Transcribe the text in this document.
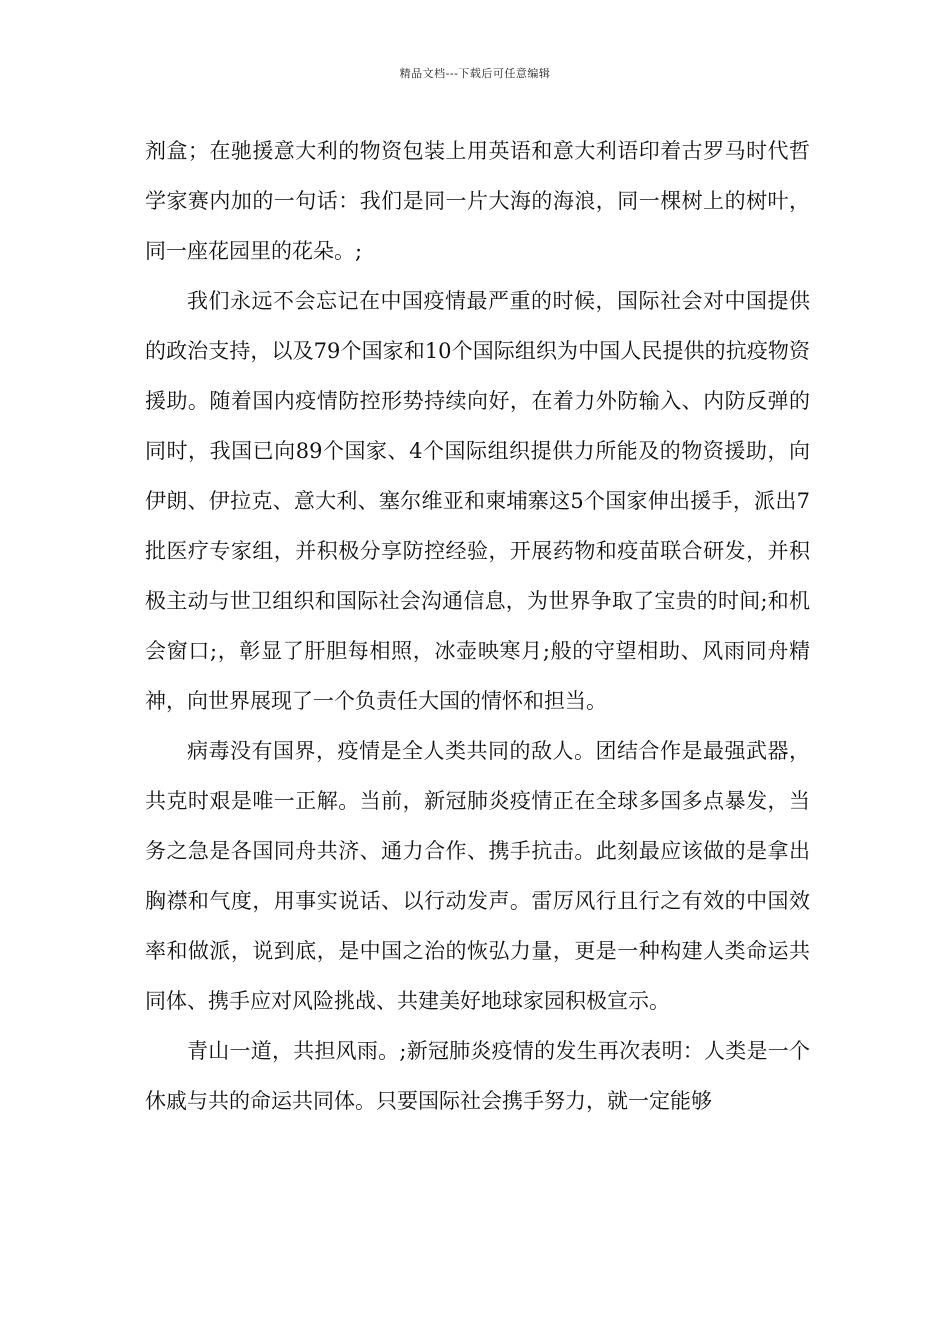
精品文档---下载后可任意编辑

剂盒；在驰援意大利的物资包装上用英语和意大利语印着古罗马时代哲学家赛内加的一句话：我们是同一片大海的海浪，同一棵树上的树叶，同一座花园里的花朵。;

我们永远不会忘记在中国疫情最严重的时候，国际社会对中国提供的政治支持，以及79个国家和10个国际组织为中国人民提供的抗疫物资援助。随着国内疫情防控形势持续向好，在着力外防输入、内防反弹的同时，我国已向89个国家、4个国际组织提供力所能及的物资援助，向伊朗、伊拉克、意大利、塞尔维亚和柬埔寨这5个国家伸出援手，派出7批医疗专家组，并积极分享防控经验，开展药物和疫苗联合研发，并积极主动与世卫组织和国际社会沟通信息，为世界争取了宝贵的时间;和机会窗口;，彰显了肝胆每相照，冰壶映寒月;般的守望相助、风雨同舟精神，向世界展现了一个负责任大国的情怀和担当。

病毒没有国界，疫情是全人类共同的敌人。团结合作是最强武器，共克时艰是唯一正解。当前，新冠肺炎疫情正在全球多国多点暴发，当务之急是各国同舟共济、通力合作、携手抗击。此刻最应该做的是拿出胸襟和气度，用事实说话、以行动发声。雷厉风行且行之有效的中国效率和做派，说到底，是中国之治的恢弘力量，更是一种构建人类命运共同体、携手应对风险挑战、共建美好地球家园积极宣示。

青山一道，共担风雨。;新冠肺炎疫情的发生再次表明：人类是一个休戚与共的命运共同体。只要国际社会携手努力，就一定能够
